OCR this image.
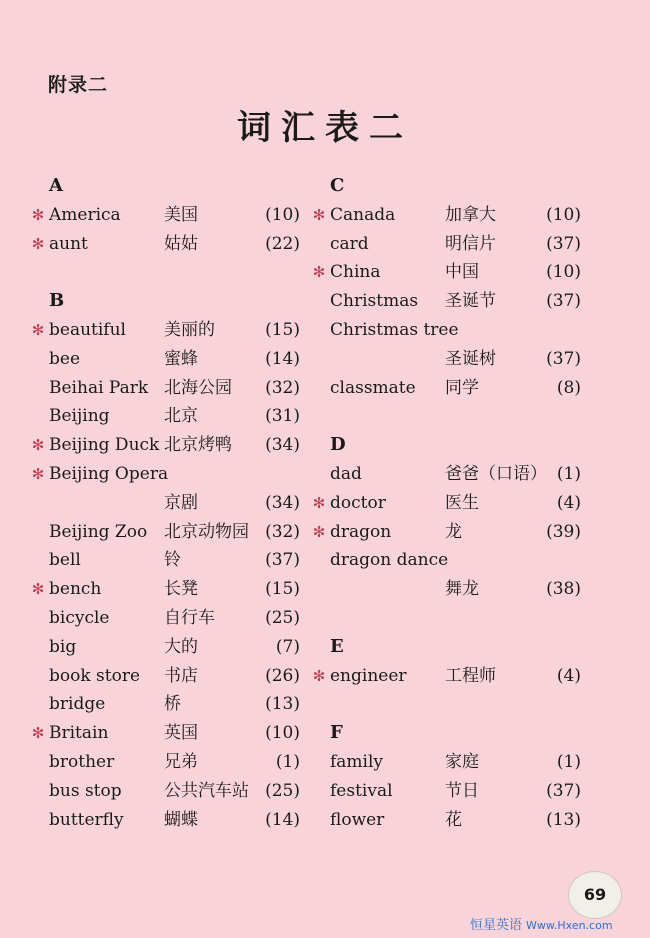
附录二
词汇表二
A
✻ America	美国	(10)
✻ aunt	姑姑	(22)
B
✻ beautiful 美丽的	(15)
bee	蜜蜂	(14)
Beihai Park 北海公园 (32)
Beijing	北京	(31)
✻ Beijing Duck 北京烤鸭 (34)
✻ Beijing Opera
京剧	(34)
Beijing Zoo 北京动物园 (32)
bell	铃	(37)
✻ bench	长凳	(15)
bicycle	自行车	(25)
big	大的	(7)
book store 书店	(26)
bridge	桥	(13)
✻ Britain	英国	(10)
brother	兄弟	(1)
bus stop 公共汽车站 (25)
butterfly 蝴蝶	(14)
C
✻ Canada	加拿大	(10)
card	明信片	(37)
✻ China	中国	(10)
Christmas 圣诞节	(37)
Christmas tree
圣诞树	(37)
classmate 同学	(8)
D
dad	爸爸（口语） (1)
✻ doctor	医生	(4)
✻ dragon	龙	(39)
dragon dance
舞龙	(38)
E
✻ engineer 工程师	(4)
F
family	家庭	(1)
festival	节日	(37)
flower	花	(13)
69
恒星英语 Www.Hxen.com
